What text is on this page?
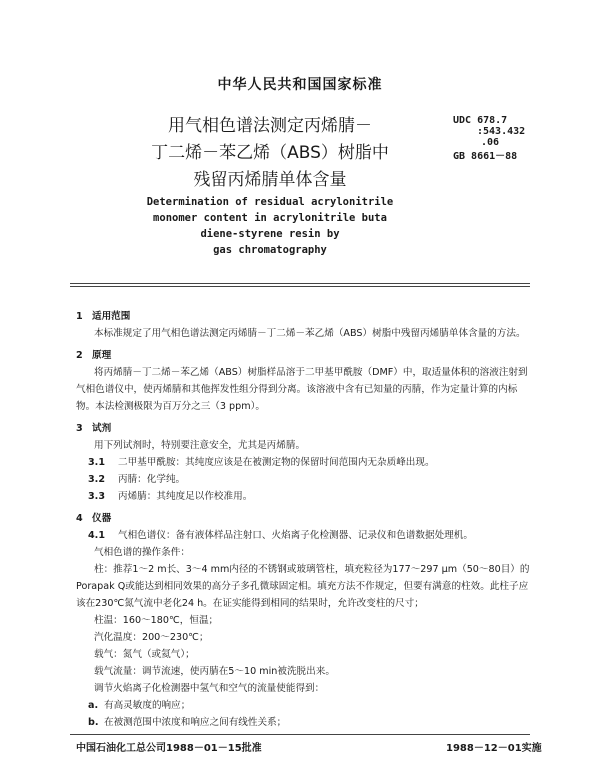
中华人民共和国国家标准
用气相色谱法测定丙烯腈－
丁二烯－苯乙烯（ABS）树脂中
残留丙烯腈单体含量
Determination of residual acrylonitrile
monomer content in acrylonitrile buta
diene-styrene resin by
gas chromatography
UDC 678.7
:543.432
.06
GB 8661－88
1 适用范围
本标准规定了用气相色谱法测定丙烯腈－丁二烯－苯乙烯（ABS）树脂中残留丙烯腈单体含量的方法。
2 原理
将丙烯腈－丁二烯－苯乙烯（ABS）树脂样品溶于二甲基甲酰胺（DMF）中，取适量体积的溶液注射到气相色谱仪中，使丙烯腈和其他挥发性组分得到分离。该溶液中含有已知量的丙腈，作为定量计算的内标物。本法检测极限为百万分之三（3 ppm）。
3 试剂
用下列试剂时，特别要注意安全，尤其是丙烯腈。
3.1 二甲基甲酰胺：其纯度应该是在被测定物的保留时间范围内无杂质峰出现。
3.2 丙腈：化学纯。
3.3 丙烯腈：其纯度足以作校准用。
4 仪器
4.1 气相色谱仪：备有液体样品注射口、火焰离子化检测器、记录仪和色谱数据处理机。
气相色谱的操作条件：
柱：推荐1～2 m长、3～4 mm内径的不锈钢或玻璃管柱，填充粒径为177～297 μm（50～80目）的Porapak Q或能达到相同效果的高分子多孔微球固定相。填充方法不作规定，但要有满意的柱效。此柱子应该在230℃氮气流中老化24 h。在证实能得到相同的结果时，允许改变柱的尺寸；
柱温：160～180℃，恒温；
汽化温度：200～230℃；
载气：氮气（或氦气）；
载气流量：调节流速，使丙腈在5～10 min被洗脱出来。
调节火焰离子化检测器中氢气和空气的流量使能得到：
a. 有高灵敏度的响应；
b. 在被测范围中浓度和响应之间有线性关系；
中国石油化工总公司1988－01－15批准	1988－12－01实施
